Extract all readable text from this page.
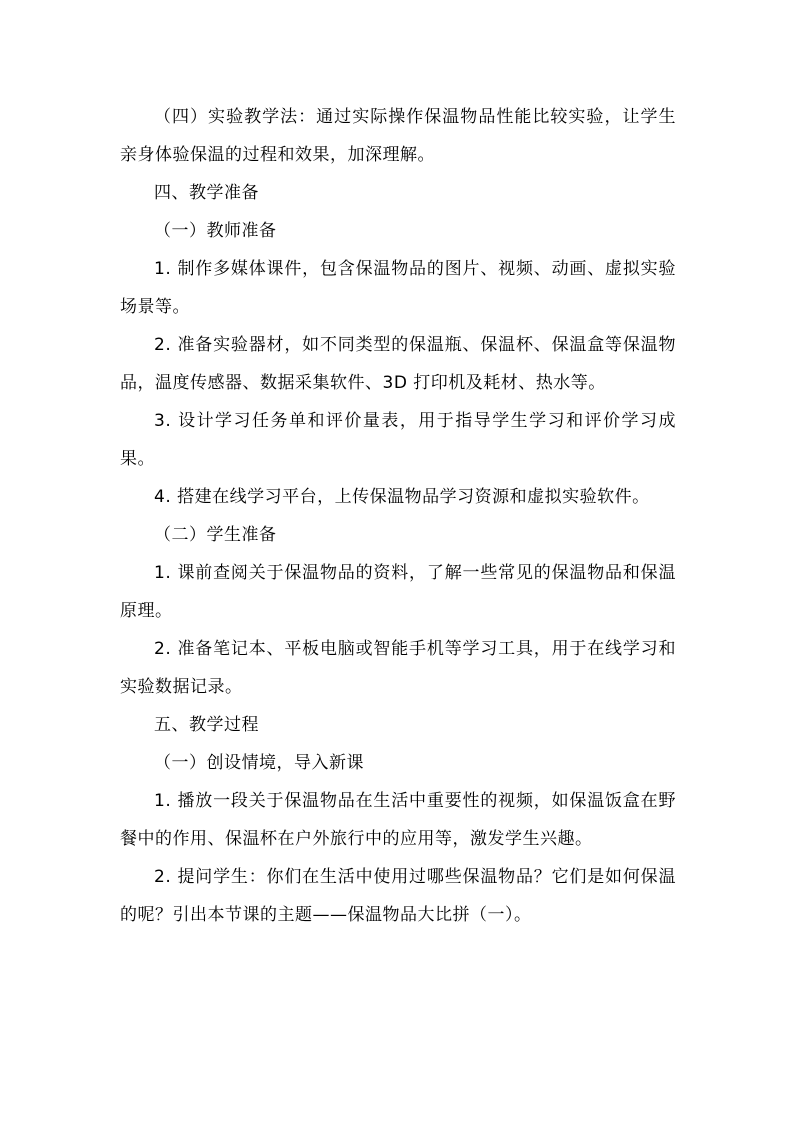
（四）实验教学法：通过实际操作保温物品性能比较实验，让学生亲身体验保温的过程和效果，加深理解。

四、教学准备

（一）教师准备

1. 制作多媒体课件，包含保温物品的图片、视频、动画、虚拟实验场景等。

2. 准备实验器材，如不同类型的保温瓶、保温杯、保温盒等保温物品，温度传感器、数据采集软件、3D 打印机及耗材、热水等。

3. 设计学习任务单和评价量表，用于指导学生学习和评价学习成果。

4. 搭建在线学习平台，上传保温物品学习资源和虚拟实验软件。

（二）学生准备

1. 课前查阅关于保温物品的资料，了解一些常见的保温物品和保温原理。

2. 准备笔记本、平板电脑或智能手机等学习工具，用于在线学习和实验数据记录。

五、教学过程

（一）创设情境，导入新课

1. 播放一段关于保温物品在生活中重要性的视频，如保温饭盒在野餐中的作用、保温杯在户外旅行中的应用等，激发学生兴趣。

2. 提问学生：你们在生活中使用过哪些保温物品？它们是如何保温的呢？引出本节课的主题——保温物品大比拼（一）。
